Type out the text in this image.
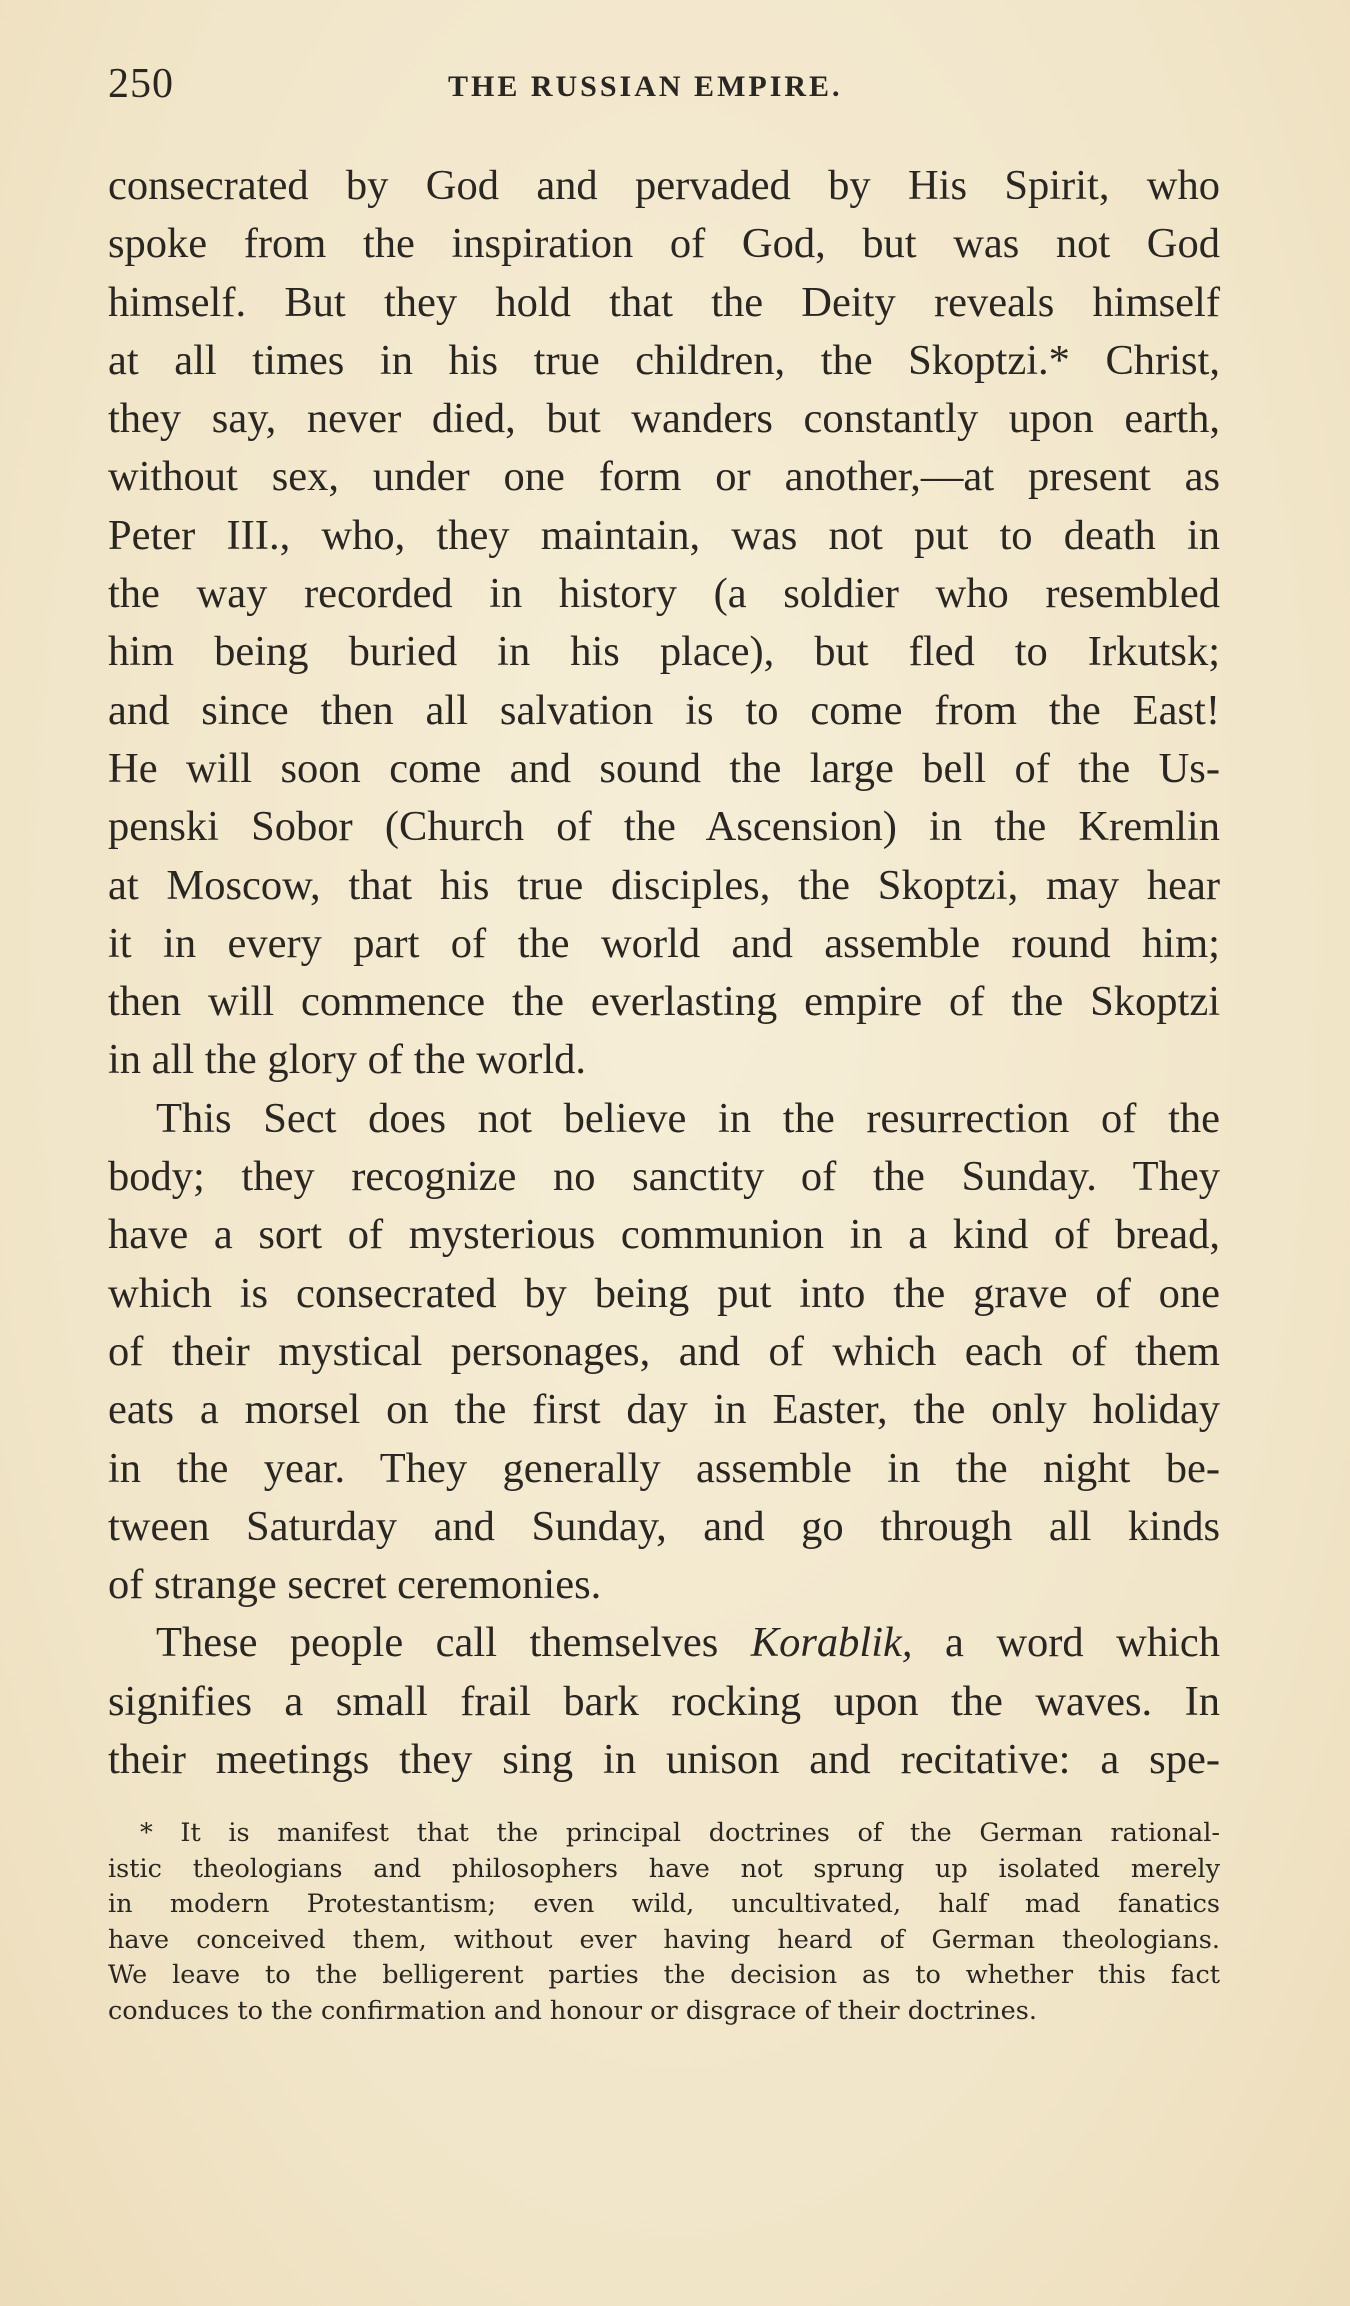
250	THE RUSSIAN EMPIRE.
consecrated by God and pervaded by His Spirit, who
spoke from the inspiration of God, but was not God
himself. But they hold that the Deity reveals himself
at all times in his true children, the Skoptzi.* Christ,
they say, never died, but wanders constantly upon earth,
without sex, under one form or another,—at present as
Peter III., who, they maintain, was not put to death in
the way recorded in history (a soldier who resembled
him being buried in his place), but fled to Irkutsk;
and since then all salvation is to come from the East!
He will soon come and sound the large bell of the Us-
penski Sobor (Church of the Ascension) in the Kremlin
at Moscow, that his true disciples, the Skoptzi, may hear
it in every part of the world and assemble round him;
then will commence the everlasting empire of the Skoptzi
in all the glory of the world.
This Sect does not believe in the resurrection of the
body; they recognize no sanctity of the Sunday. They
have a sort of mysterious communion in a kind of bread,
which is consecrated by being put into the grave of one
of their mystical personages, and of which each of them
eats a morsel on the first day in Easter, the only holiday
in the year. They generally assemble in the night be-
tween Saturday and Sunday, and go through all kinds
of strange secret ceremonies.
These people call themselves Korablik, a word which
signifies a small frail bark rocking upon the waves. In
their meetings they sing in unison and recitative: a spe-
* It is manifest that the principal doctrines of the German rational-
istic theologians and philosophers have not sprung up isolated merely
in modern Protestantism; even wild, uncultivated, half mad fanatics
have conceived them, without ever having heard of German theologians.
We leave to the belligerent parties the decision as to whether this fact
conduces to the confirmation and honour or disgrace of their doctrines.
